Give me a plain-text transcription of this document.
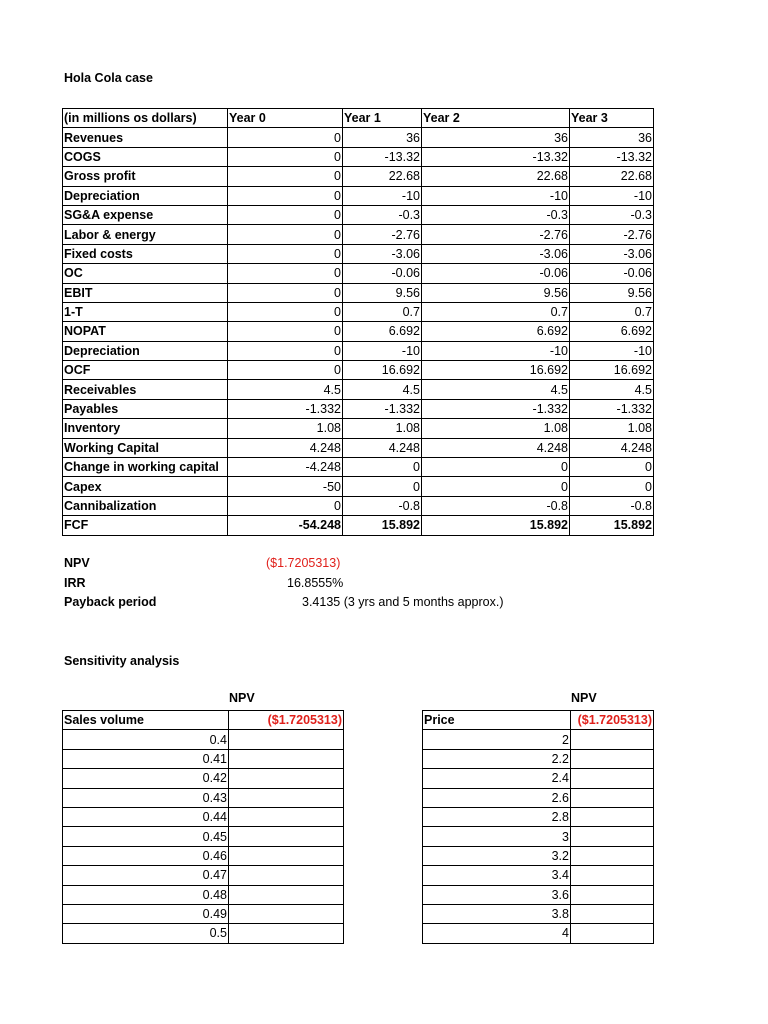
Hola Cola case
(in millions os dollars)	Year 0	Year 1	Year 2	Year 3
Revenues	0	36	36	36
COGS	0	-13.32	-13.32	-13.32
Gross profit	0	22.68	22.68	22.68
Depreciation	0	-10	-10	-10
SG&A expense	0	-0.3	-0.3	-0.3
Labor & energy	0	-2.76	-2.76	-2.76
Fixed costs	0	-3.06	-3.06	-3.06
OC	0	-0.06	-0.06	-0.06
EBIT	0	9.56	9.56	9.56
1-T	0	0.7	0.7	0.7
NOPAT	0	6.692	6.692	6.692
Depreciation	0	-10	-10	-10
OCF	0	16.692	16.692	16.692
Receivables	4.5	4.5	4.5	4.5
Payables	-1.332	-1.332	-1.332	-1.332
Inventory	1.08	1.08	1.08	1.08
Working Capital	4.248	4.248	4.248	4.248
Change in working capital	-4.248	0	0	0
Capex	-50	0	0	0
Cannibalization	0	-0.8	-0.8	-0.8
FCF	-54.248	15.892	15.892	15.892
NPV	($1.7205313)
IRR	16.8555%
Payback period	3.4135 (3 yrs and 5 months approx.)
Sensitivity analysis
NPV
Sales volume	($1.7205313)
0.4	
0.41	
0.42	
0.43	
0.44	
0.45	
0.46	
0.47	
0.48	
0.49	
0.5	
NPV
Price	($1.7205313)
2	
2.2	
2.4	
2.6	
2.8	
3	
3.2	
3.4	
3.6	
3.8	
4	
